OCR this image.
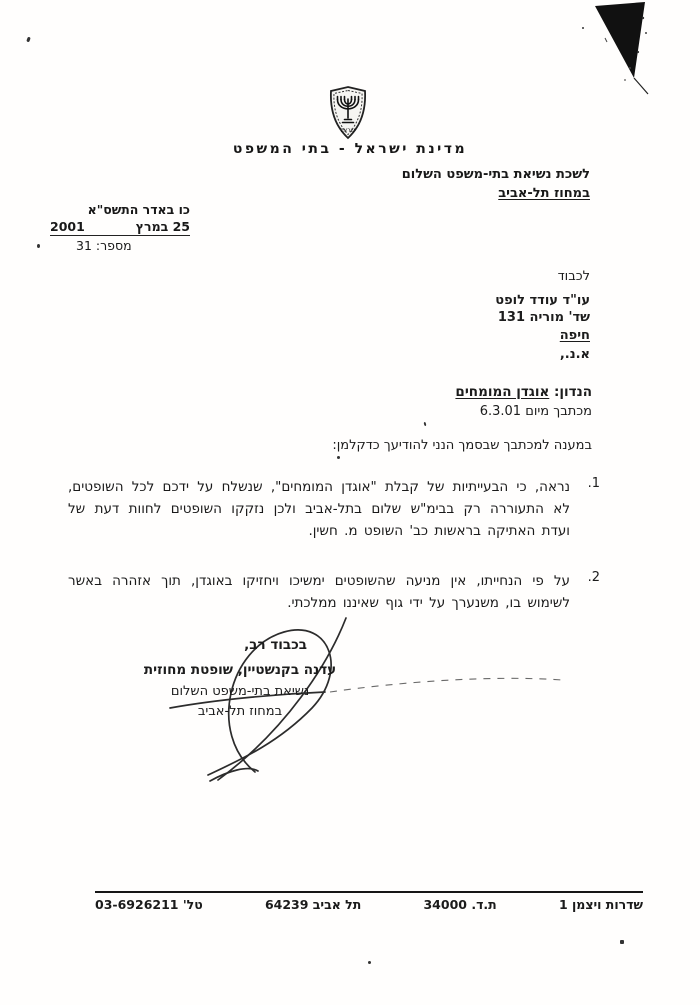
ישראל
מדינת ישראל - בתי המשפט
לשכת נשיאת בתי-משפט השלום
במחוז תל-אביב
כו באדר התשס"א
25 במרץ
2001
מספר: 31
לכבוד
עו"ד עודד לופט
שד' מוריה 131
חיפה
א.נ.,
הנדון: אוגדן המומחים
מכתבך מיום 6.3.01
במענה למכתבך שבסמך הנני להודיעך כדקלמן:
1.
נראה, כי הבעייתיות של קבלת "אוגדן המומחים", שנשלח על ידכם לכל השופטים, לא התעוררה רק בבימ"ש שלום בתל-אביב ולכן נזקקו השופטים לחוות דעת של ועדת האתיקה בראשות כב' השופט מ. חשין.
2.
על פי הנחייתו, אין מניעה שהשופטים ימשיכו ויחזיקו באוגדן, תוך אזהרה באשר לשימוש בו, משנערך על ידי גוף שאיננו ממלכתי.
בכבוד רב,
עדנה בקנשטיין, שופטת מחוזית
נשיאת בתי-משפט השלום
במחוז תל-אביב
שדרות ויצמן 1
ת.ד. 34000
תל אביב 64239
טל' 03-6926211
